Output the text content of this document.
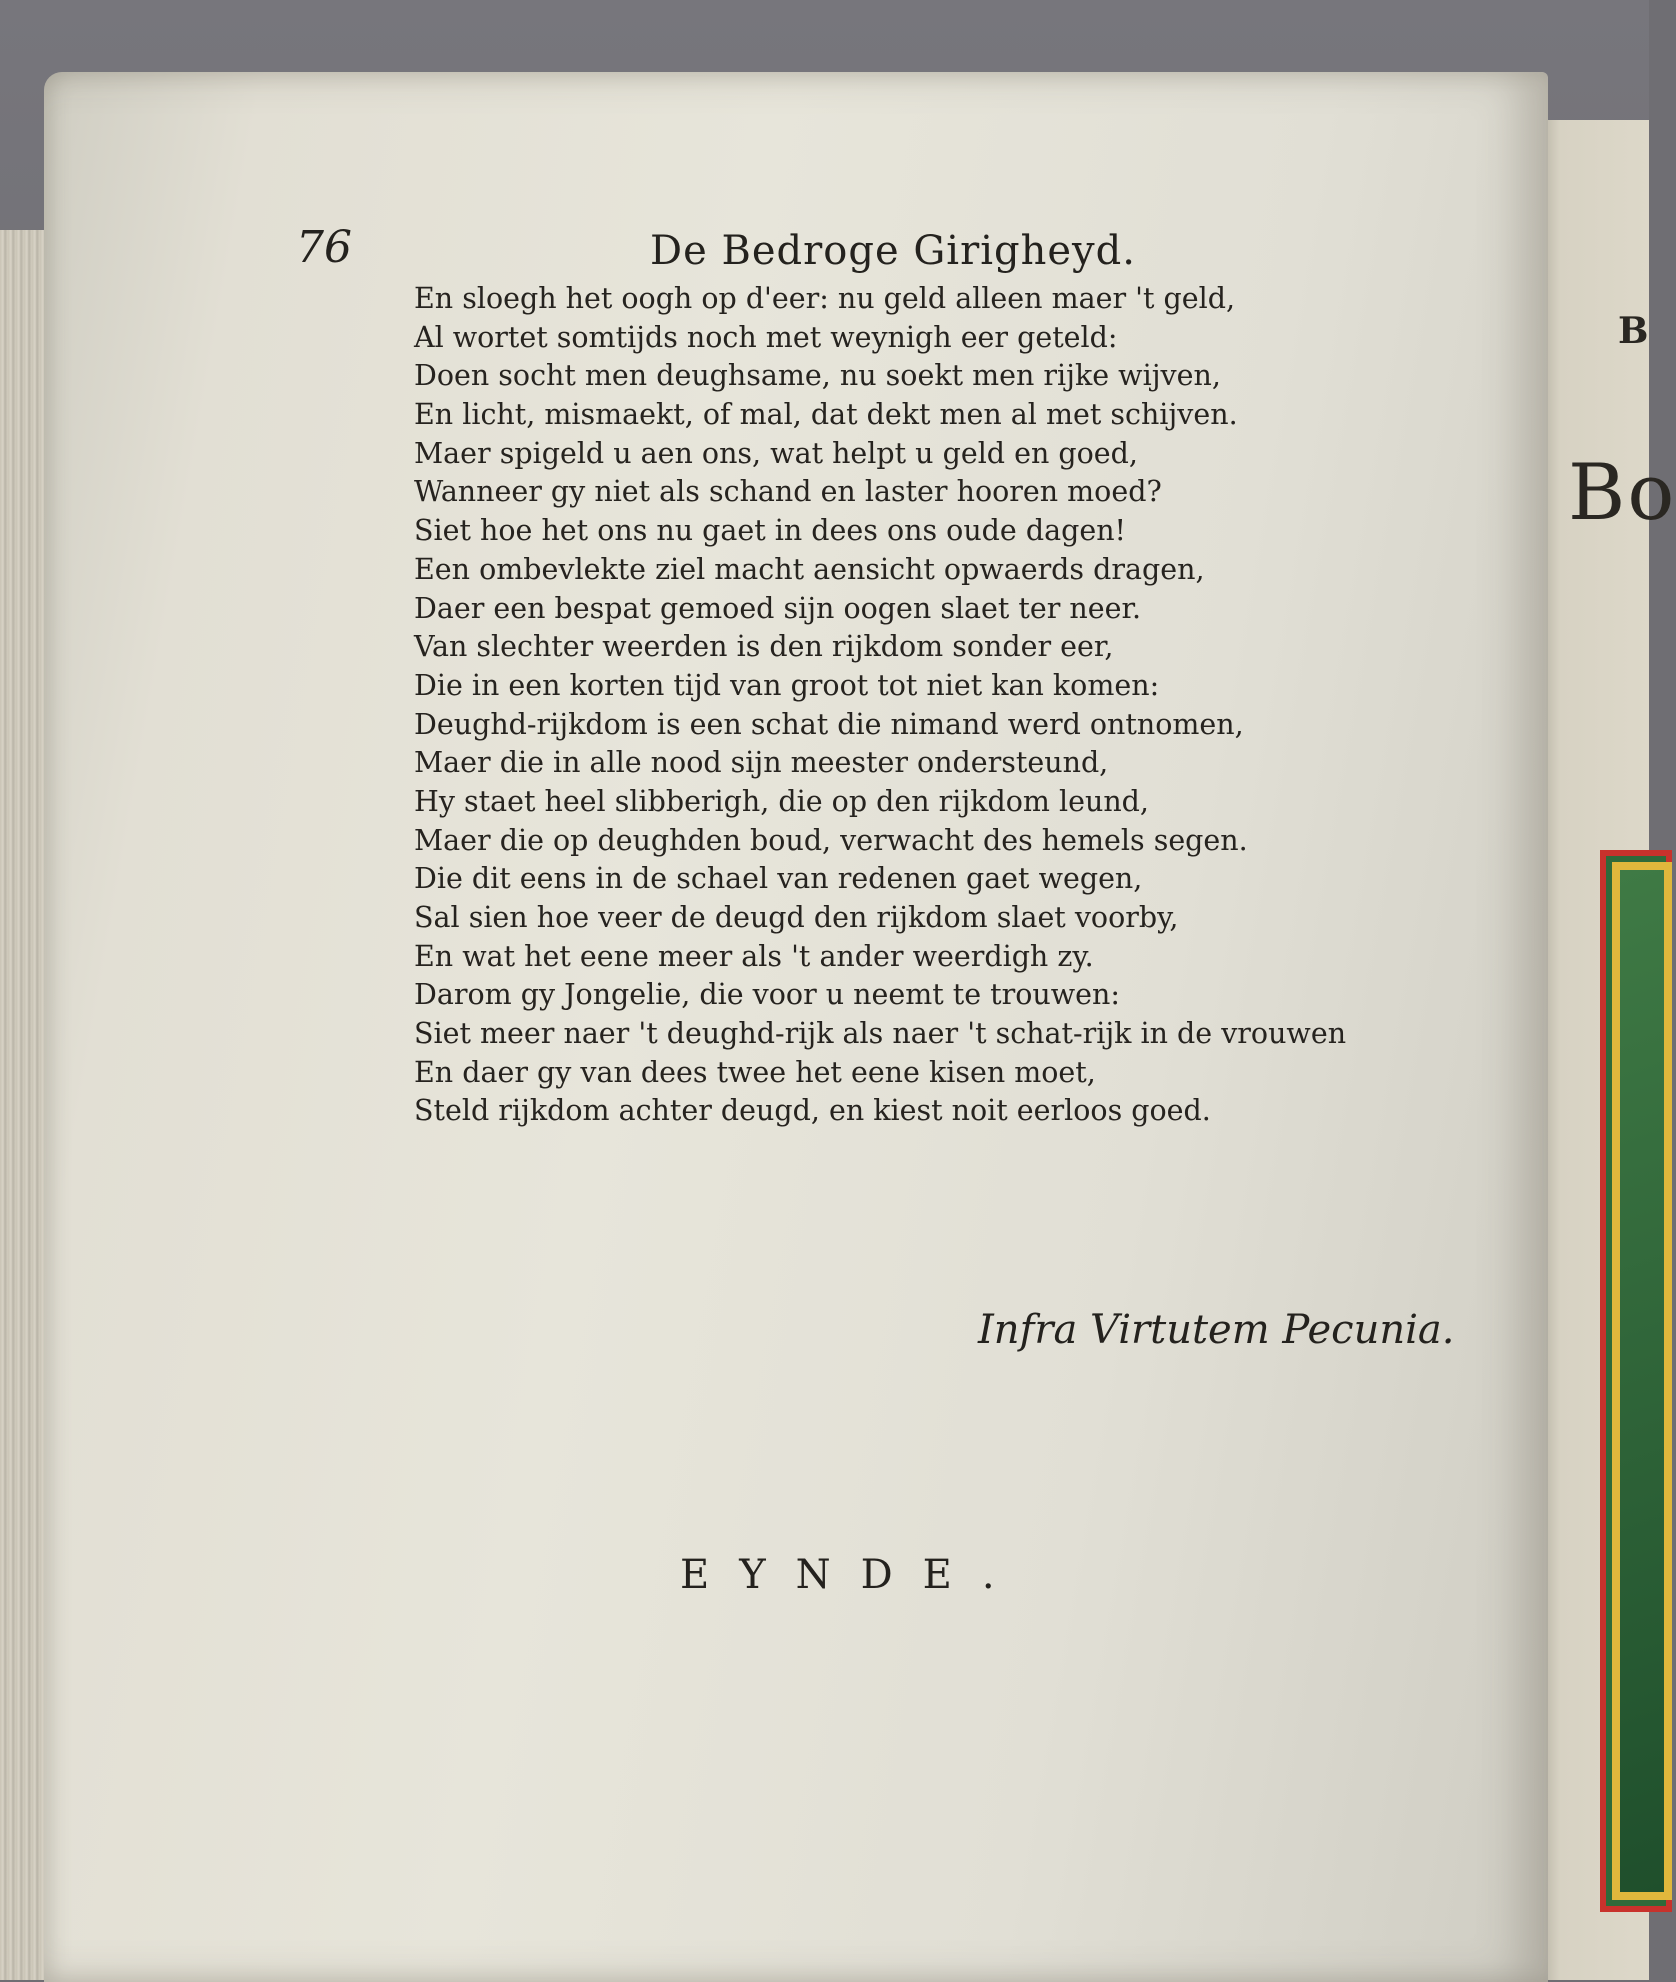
B
Bo
76	De Bedroge Girigheyd.
En sloegh het oogh op d'eer: nu geld alleen maer 't geld,
Al wortet somtijds noch met weynigh eer geteld:
Doen socht men deughsame, nu soekt men rijke wijven,
En licht, mismaekt, of mal, dat dekt men al met schijven.
Maer spigeld u aen ons, wat helpt u geld en goed,
Wanneer gy niet als schand en laster hooren moed?
Siet hoe het ons nu gaet in dees ons oude dagen!
Een ombevlekte ziel macht aensicht opwaerds dragen,
Daer een bespat gemoed sijn oogen slaet ter neer.
Van slechter weerden is den rijkdom sonder eer,
Die in een korten tijd van groot tot niet kan komen:
Deughd-rijkdom is een schat die nimand werd ontnomen,
Maer die in alle nood sijn meester ondersteund,
Hy staet heel slibberigh, die op den rijkdom leund,
Maer die op deughden boud, verwacht des hemels segen.
Die dit eens in de schael van redenen gaet wegen,
Sal sien hoe veer de deugd den rijkdom slaet voorby,
En wat het eene meer als 't ander weerdigh zy.
Darom gy Jongelie, die voor u neemt te trouwen:
Siet meer naer 't deughd-rijk als naer 't schat-rijk in de vrouwen
En daer gy van dees twee het eene kisen moet,
Steld rijkdom achter deugd, en kiest noit eerloos goed.
Infra Virtutem Pecunia.
EYNDE.
